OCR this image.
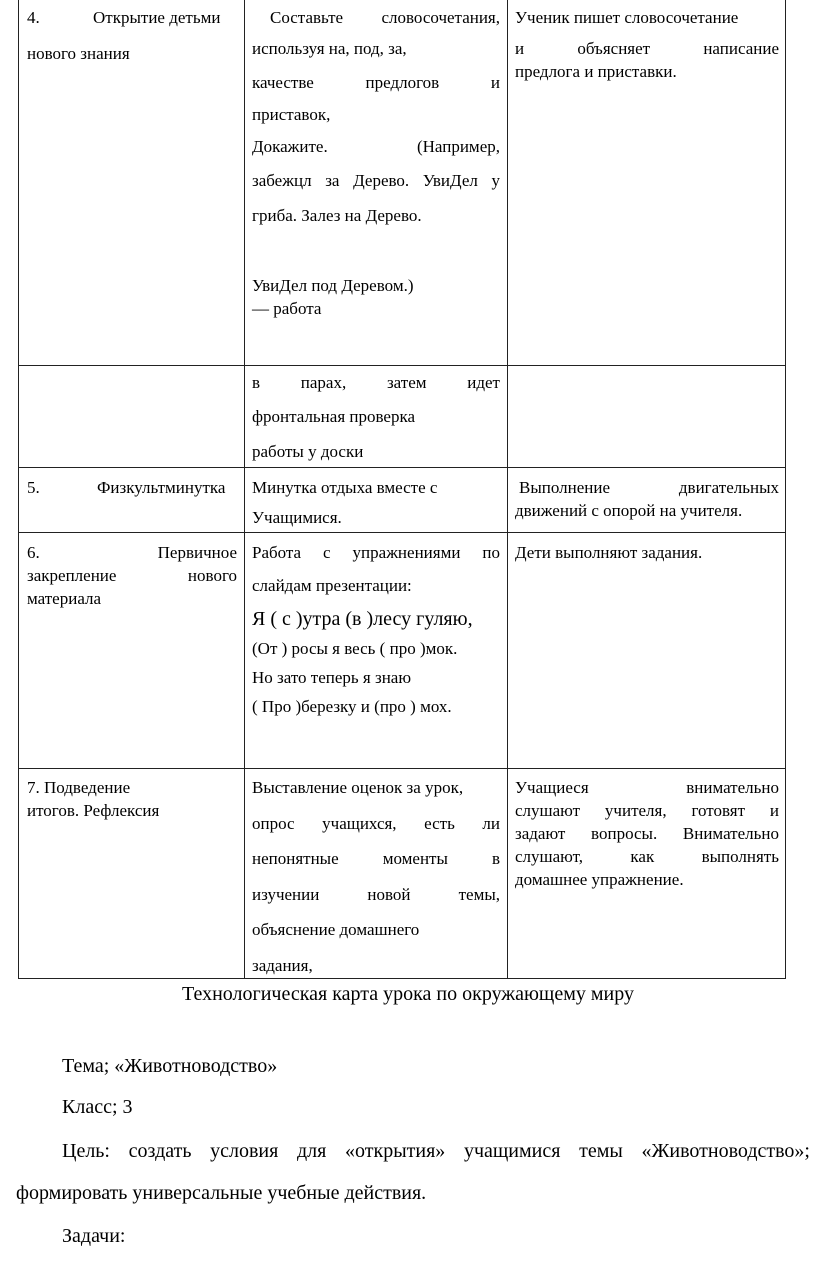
4.	Открытие детьми

нового знания

Составьте словосочетания,

используя на, под, за,

качестве предлогов и

приставок,

Докажите. (Например,

забежцл за Дерево. УвиДел у

гриба. Залез на Дерево.

УвиДел под Деревом.)

— работа

Ученик пишет словосочетание

и объясняет написание

предлога и приставки.

в парах, затем идет

фронтальная проверка

работы у доски

5.	Физкультминутка Минутка отдыха вместе с

Учащимися.

Выполнение двигательных

движений с опорой на учителя.

6. Первичное

закрепление нового

материала

Работа с упражнениями по

слайдам презентации:

Я ( с )утра (в )лесу гуляю,

(От ) росы я весь ( про )мок.

Но зато теперь я знаю

( Про )березку и (про ) мох.

Дети выполняют задания.

7. Подведение

итогов. Рефлексия

Выставление оценок за урок,

опрос учащихся, есть ли

непонятные моменты в

изучении новой темы,

объяснение домашнего

задания,

Учащиеся внимательно

слушают учителя, готовят и

задают вопросы. Внимательно

слушают, как выполнять

домашнее упражнение.

Технологическая карта урока по окружающему миру
Тема; «Животноводство»
Класс; 3
Цель: создать условия для «открытия» учащимися темы «Животноводство»;
формировать универсальные учебные действия.
Задачи:
